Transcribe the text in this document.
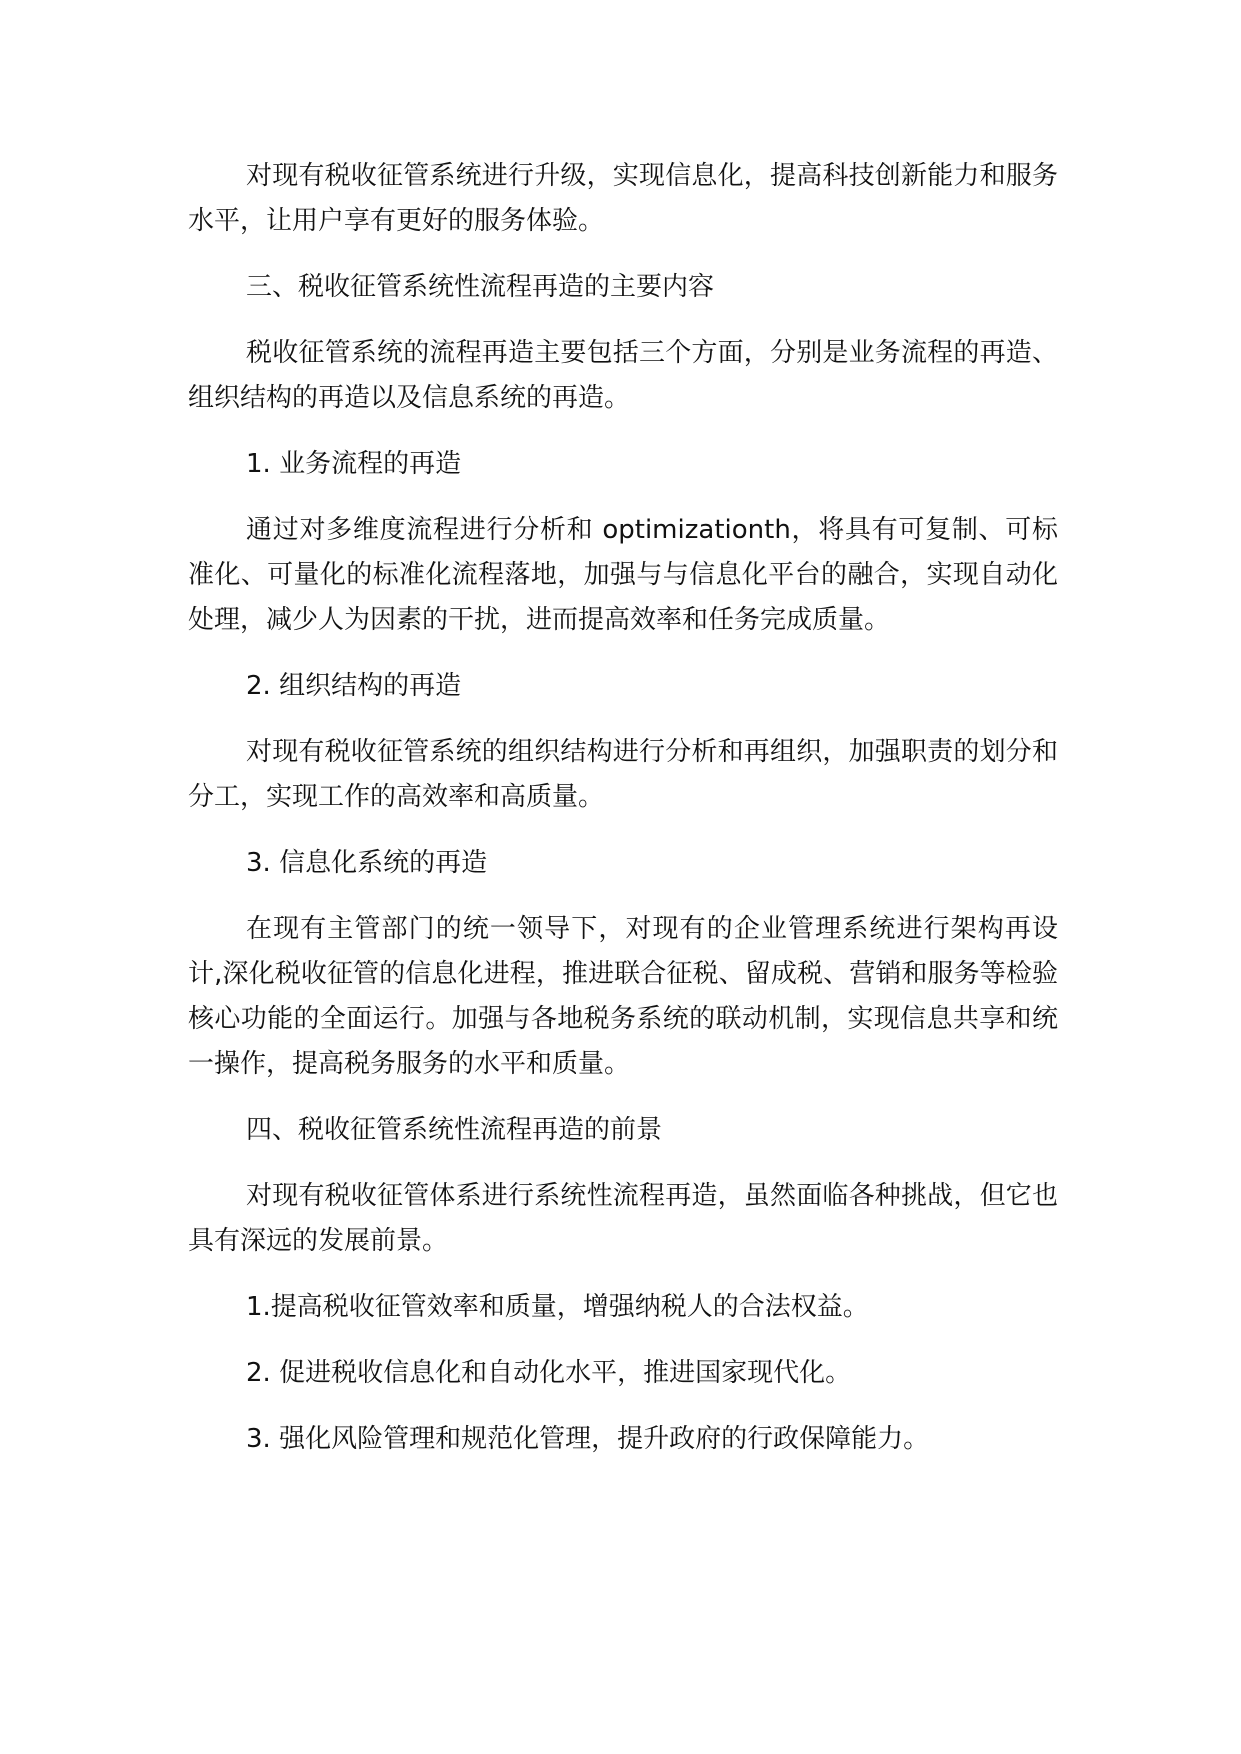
对现有税收征管系统进行升级，实现信息化，提高科技创新能力和服务水平，让用户享有更好的服务体验。

三、税收征管系统性流程再造的主要内容

税收征管系统的流程再造主要包括三个方面，分别是业务流程的再造、组织结构的再造以及信息系统的再造。

1. 业务流程的再造

通过对多维度流程进行分析和 optimizationth，将具有可复制、可标准化、可量化的标准化流程落地，加强与与信息化平台的融合，实现自动化处理，减少人为因素的干扰，进而提高效率和任务完成质量。

2. 组织结构的再造

对现有税收征管系统的组织结构进行分析和再组织，加强职责的划分和分工，实现工作的高效率和高质量。

3. 信息化系统的再造

在现有主管部门的统一领导下，对现有的企业管理系统进行架构再设计,深化税收征管的信息化进程，推进联合征税、留成税、营销和服务等检验核心功能的全面运行。加强与各地税务系统的联动机制，实现信息共享和统一操作，提高税务服务的水平和质量。

四、税收征管系统性流程再造的前景

对现有税收征管体系进行系统性流程再造，虽然面临各种挑战，但它也具有深远的发展前景。

1.提高税收征管效率和质量，增强纳税人的合法权益。

2. 促进税收信息化和自动化水平，推进国家现代化。

3. 强化风险管理和规范化管理，提升政府的行政保障能力。
